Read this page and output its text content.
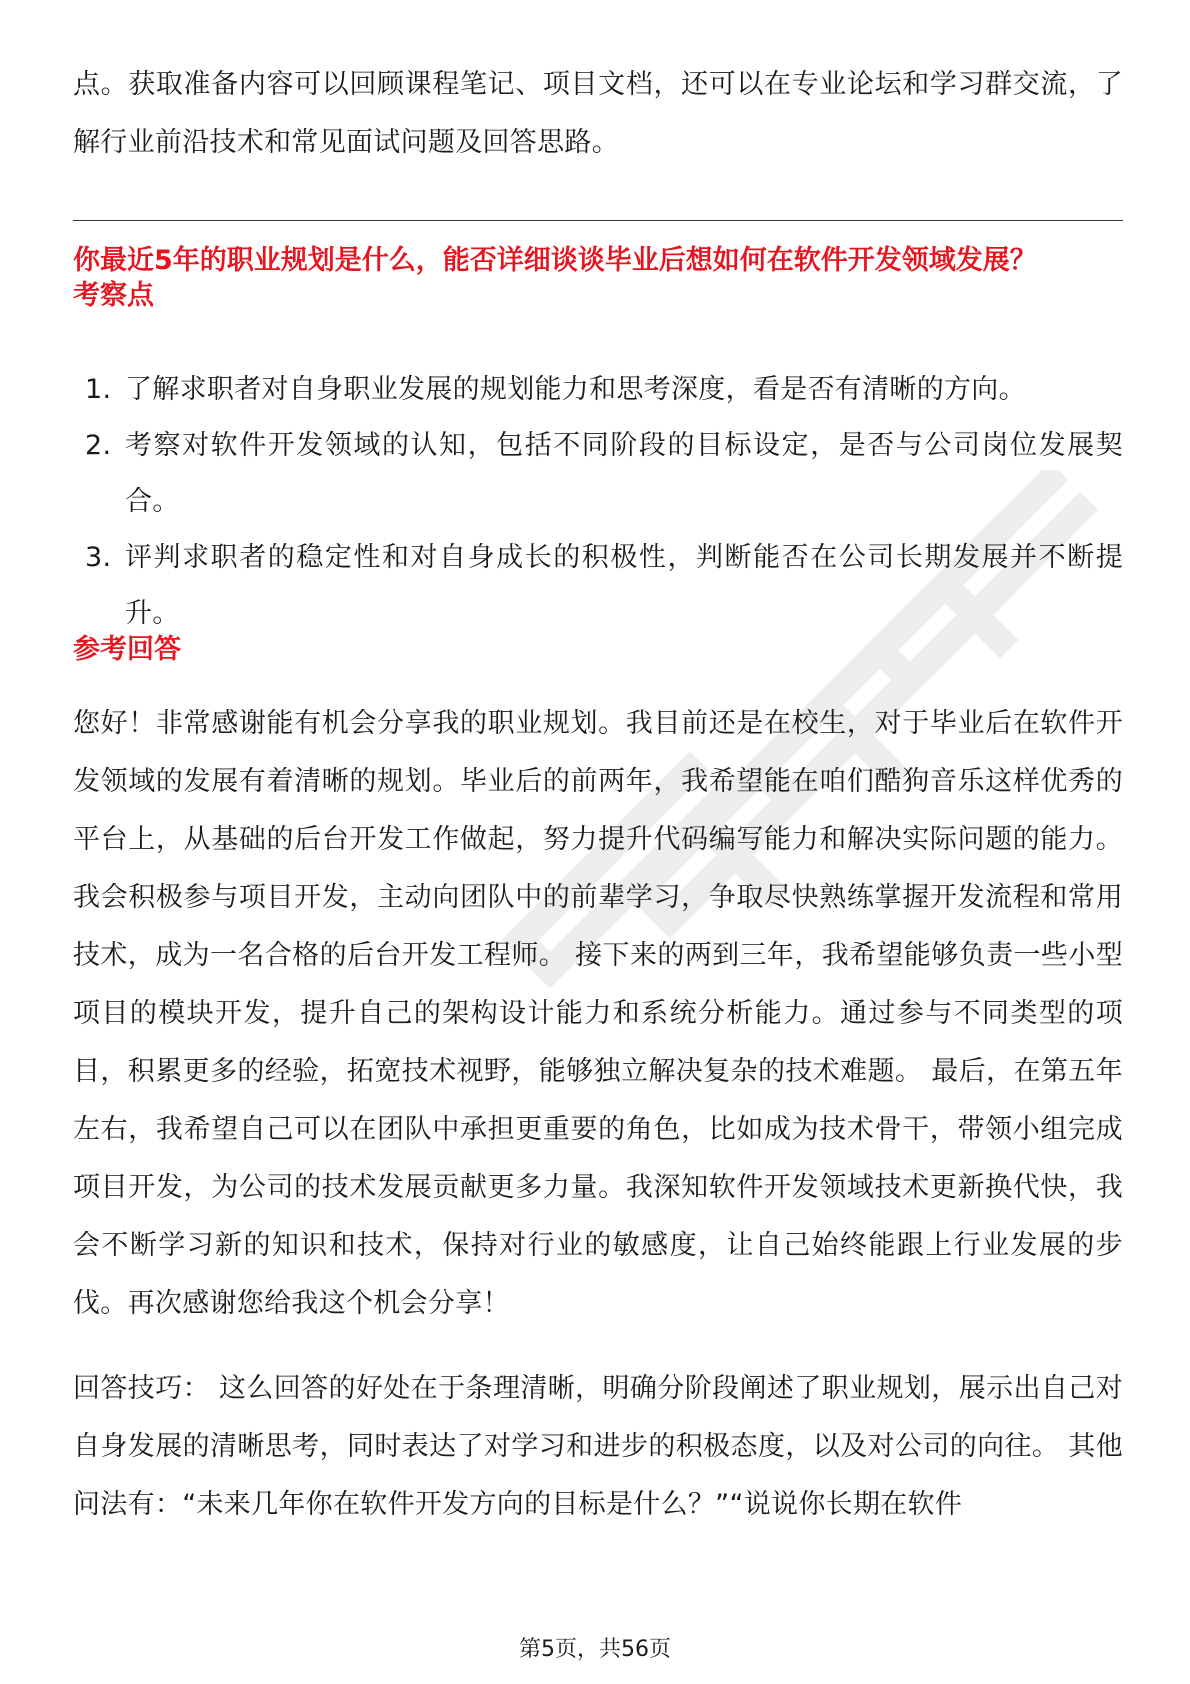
点。获取准备内容可以回顾课程笔记、项目文档，还可以在专业论坛和学习群交流，了解行业前沿技术和常见面试问题及回答思路。

你最近5年的职业规划是什么，能否详细谈谈毕业后想如何在软件开发领域发展？
考察点
1. 了解求职者对自身职业发展的规划能力和思考深度，看是否有清晰的方向。
2. 考察对软件开发领域的认知，包括不同阶段的目标设定，是否与公司岗位发展契合。
3. 评判求职者的稳定性和对自身成长的积极性，判断能否在公司长期发展并不断提升。
参考回答

您好！非常感谢能有机会分享我的职业规划。我目前还是在校生，对于毕业后在软件开发领域的发展有着清晰的规划。毕业后的前两年，我希望能在咱们酷狗音乐这样优秀的平台上，从基础的后台开发工作做起，努力提升代码编写能力和解决实际问题的能力。我会积极参与项目开发，主动向团队中的前辈学习，争取尽快熟练掌握开发流程和常用技术，成为一名合格的后台开发工程师。 接下来的两到三年，我希望能够负责一些小型项目的模块开发，提升自己的架构设计能力和系统分析能力。通过参与不同类型的项目，积累更多的经验，拓宽技术视野，能够独立解决复杂的技术难题。 最后，在第五年左右，我希望自己可以在团队中承担更重要的角色，比如成为技术骨干，带领小组完成项目开发，为公司的技术发展贡献更多力量。我深知软件开发领域技术更新换代快，我会不断学习新的知识和技术，保持对行业的敏感度，让自己始终能跟上行业发展的步伐。再次感谢您给我这个机会分享！

回答技巧： 这么回答的好处在于条理清晰，明确分阶段阐述了职业规划，展示出自己对自身发展的清晰思考，同时表达了对学习和进步的积极态度，以及对公司的向往。 其他问法有：“未来几年你在软件开发方向的目标是什么？”“说说你长期在软件

第5页，共56页
